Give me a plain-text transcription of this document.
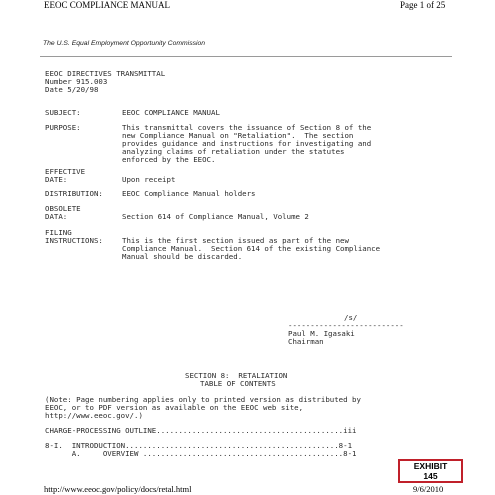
EEOC COMPLIANCE MANUAL	Page 1 of 25
The U.S. Equal Employment Opportunity Commission
EEOC DIRECTIVES TRANSMITTAL
Number 915.003
Date 5/20/98
SUBJECT:	EEOC COMPLIANCE MANUAL
PURPOSE:	This transmittal covers the issuance of Section 8 of the
new Compliance Manual on "Retaliation".  The section
provides guidance and instructions for investigating and
analyzing claims of retaliation under the statutes
enforced by the EEOC.
EFFECTIVE
DATE:	Upon receipt
DISTRIBUTION:	EEOC Compliance Manual holders
OBSOLETE
DATA:	Section 614 of Compliance Manual, Volume 2
FILING
INSTRUCTIONS:	This is the first section issued as part of the new
Compliance Manual.  Section 614 of the existing Compliance
Manual should be discarded.
/s/
--------------------------
Paul M. Igasaki
Chairman
SECTION 8:  RETALIATION
TABLE OF CONTENTS
(Note: Page numbering applies only to printed version as distributed by
EEOC, or to PDF version as available on the EEOC web site,
http://www.eeoc.gov/.)
CHARGE-PROCESSING OUTLINE..........................................iii
8-I.  INTRODUCTION................................................8-1
A.     OVERVIEW .............................................8-1
EXHIBIT
145
http://www.eeoc.gov/policy/docs/retal.html	9/6/2010
